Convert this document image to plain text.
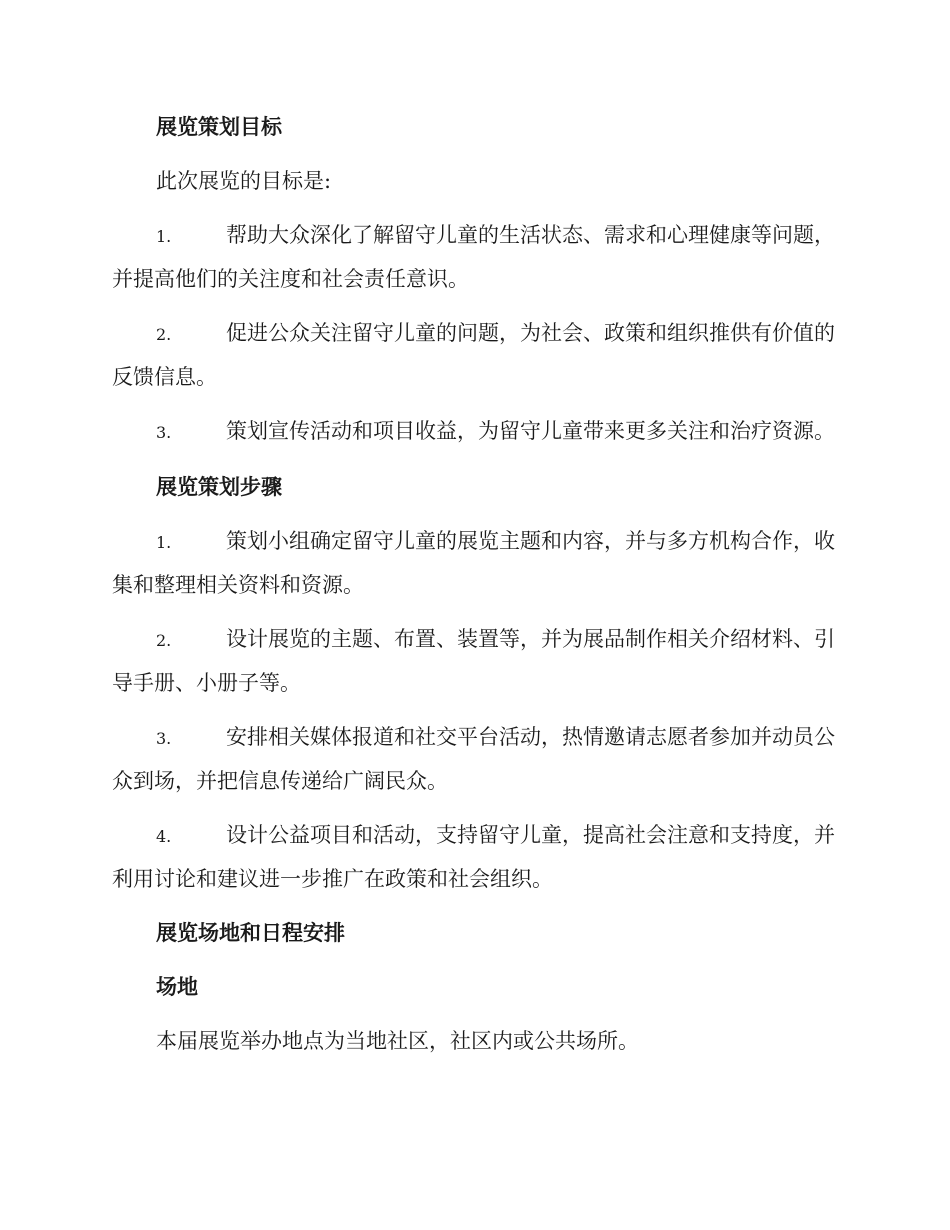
展览策划目标
此次展览的目标是:
1.	帮助大众深化了解留守儿童的生活状态、需求和心理健康等问题，并提高他们的关注度和社会责任意识。
2.	促进公众关注留守儿童的问题，为社会、政策和组织推供有价值的反馈信息。
3.	策划宣传活动和项目收益，为留守儿童带来更多关注和治疗资源。
展览策划步骤
1.	策划小组确定留守儿童的展览主题和内容，并与多方机构合作，收集和整理相关资料和资源。
2.	设计展览的主题、布置、装置等，并为展品制作相关介绍材料、引导手册、小册子等。
3.	安排相关媒体报道和社交平台活动，热情邀请志愿者参加并动员公众到场，并把信息传递给广阔民众。
4.	设计公益项目和活动，支持留守儿童，提高社会注意和支持度，并利用讨论和建议进一步推广在政策和社会组织。
展览场地和日程安排
场地
本届展览举办地点为当地社区，社区内或公共场所。
